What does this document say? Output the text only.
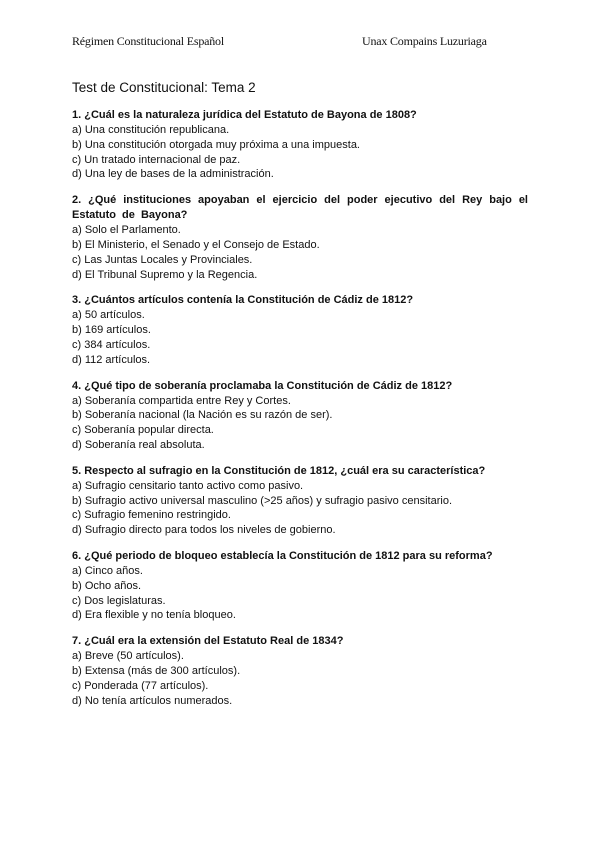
Régimen Constitucional Español	Unax Compains Luzuriaga
Test de Constitucional: Tema 2
1. ¿Cuál es la naturaleza jurídica del Estatuto de Bayona de 1808?
a) Una constitución republicana.
b) Una constitución otorgada muy próxima a una impuesta.
c) Un tratado internacional de paz.
d) Una ley de bases de la administración.
2. ¿Qué instituciones apoyaban el ejercicio del poder ejecutivo del Rey bajo el Estatuto de Bayona?
a) Solo el Parlamento.
b) El Ministerio, el Senado y el Consejo de Estado.
c) Las Juntas Locales y Provinciales.
d) El Tribunal Supremo y la Regencia.
3. ¿Cuántos artículos contenía la Constitución de Cádiz de 1812?
a) 50 artículos.
b) 169 artículos.
c) 384 artículos.
d) 112 artículos.
4. ¿Qué tipo de soberanía proclamaba la Constitución de Cádiz de 1812?
a) Soberanía compartida entre Rey y Cortes.
b) Soberanía nacional (la Nación es su razón de ser).
c) Soberanía popular directa.
d) Soberanía real absoluta.
5. Respecto al sufragio en la Constitución de 1812, ¿cuál era su característica?
a) Sufragio censitario tanto activo como pasivo.
b) Sufragio activo universal masculino (>25 años) y sufragio pasivo censitario.
c) Sufragio femenino restringido.
d) Sufragio directo para todos los niveles de gobierno.
6. ¿Qué periodo de bloqueo establecía la Constitución de 1812 para su reforma?
a) Cinco años.
b) Ocho años.
c) Dos legislaturas.
d) Era flexible y no tenía bloqueo.
7. ¿Cuál era la extensión del Estatuto Real de 1834?
a) Breve (50 artículos).
b) Extensa (más de 300 artículos).
c) Ponderada (77 artículos).
d) No tenía artículos numerados.
